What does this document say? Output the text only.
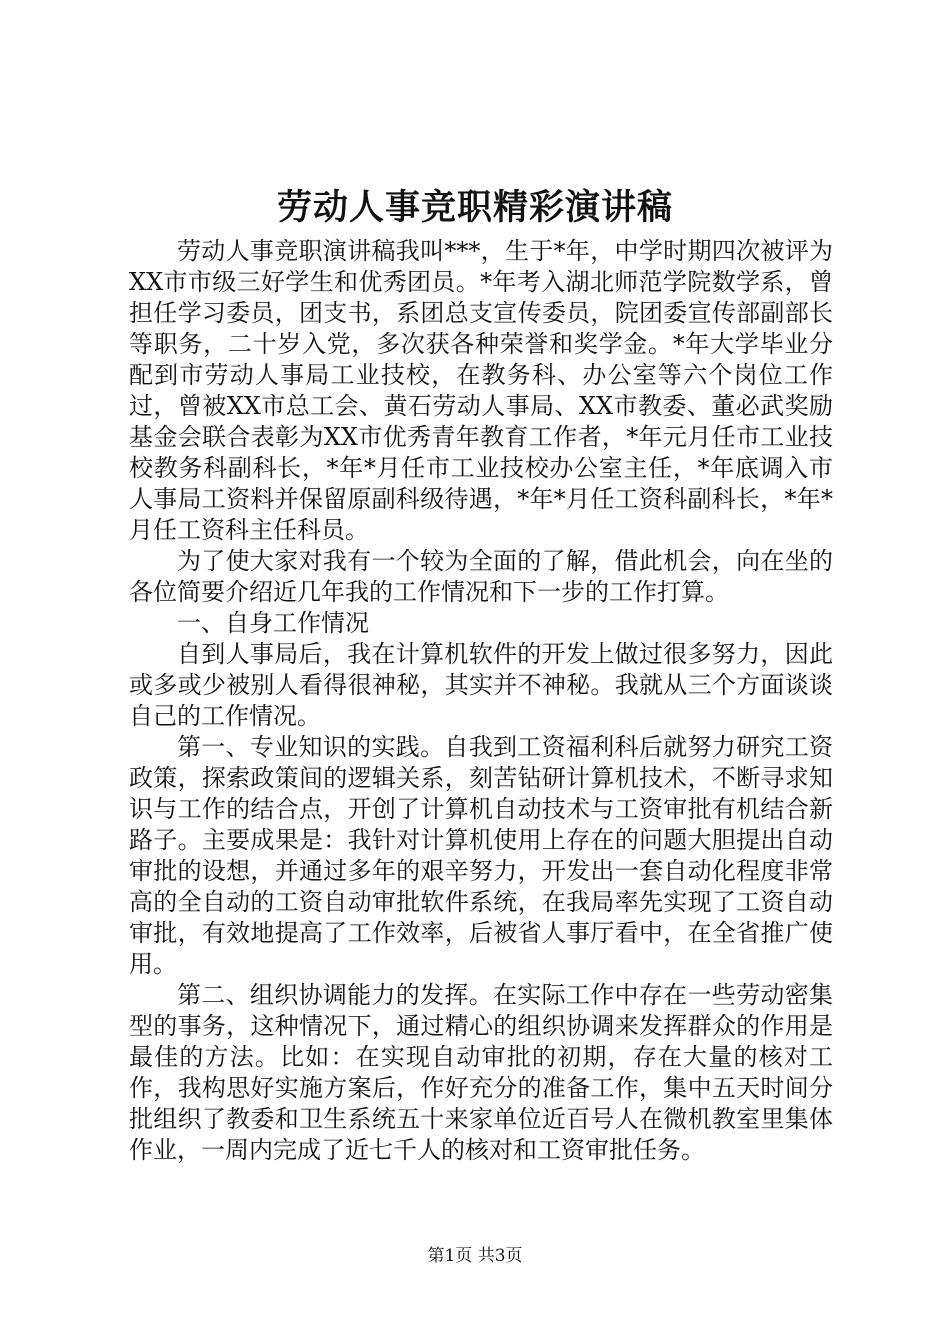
劳动人事竞职精彩演讲稿

劳动人事竞职演讲稿我叫***，生于*年，中学时期四次被评为XX市市级三好学生和优秀团员。*年考入湖北师范学院数学系，曾担任学习委员，团支书，系团总支宣传委员，院团委宣传部副部长等职务，二十岁入党，多次获各种荣誉和奖学金。*年大学毕业分配到市劳动人事局工业技校，在教务科、办公室等六个岗位工作过，曾被XX市总工会、黄石劳动人事局、XX市教委、董必武奖励基金会联合表彰为XX市优秀青年教育工作者，*年元月任市工业技校教务科副科长，*年*月任市工业技校办公室主任，*年底调入市人事局工资料并保留原副科级待遇，*年*月任工资科副科长，*年*月任工资科主任科员。

为了使大家对我有一个较为全面的了解，借此机会，向在坐的各位简要介绍近几年我的工作情况和下一步的工作打算。

一、自身工作情况

自到人事局后，我在计算机软件的开发上做过很多努力，因此或多或少被别人看得很神秘，其实并不神秘。我就从三个方面谈谈自己的工作情况。

第一、专业知识的实践。自我到工资福利科后就努力研究工资政策，探索政策间的逻辑关系，刻苦钻研计算机技术，不断寻求知识与工作的结合点，开创了计算机自动技术与工资审批有机结合新路子。主要成果是：我针对计算机使用上存在的问题大胆提出自动审批的设想，并通过多年的艰辛努力，开发出一套自动化程度非常高的全自动的工资自动审批软件系统，在我局率先实现了工资自动审批，有效地提高了工作效率，后被省人事厅看中，在全省推广使用。

第二、组织协调能力的发挥。在实际工作中存在一些劳动密集型的事务，这种情况下，通过精心的组织协调来发挥群众的作用是最佳的方法。比如：在实现自动审批的初期，存在大量的核对工作，我构思好实施方案后，作好充分的准备工作，集中五天时间分批组织了教委和卫生系统五十来家单位近百号人在微机教室里集体作业，一周内完成了近七千人的核对和工资审批任务。

第1页 共3页
